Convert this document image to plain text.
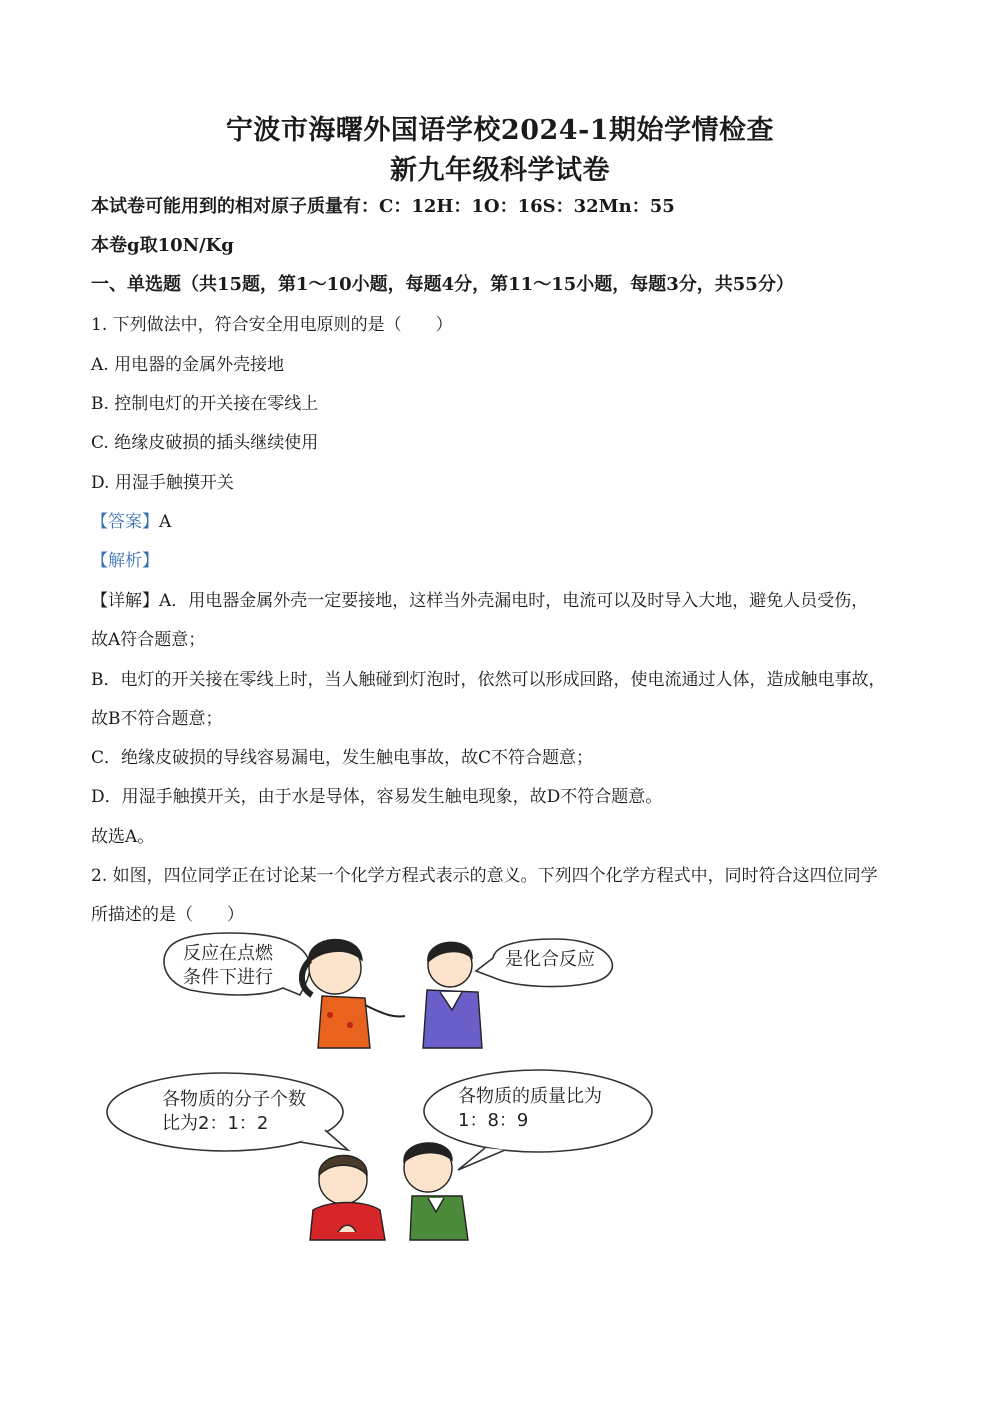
宁波市海曙外国语学校2024-1期始学情检查
新九年级科学试卷
本试卷可能用到的相对原子质量有：C：12H：1O：16S：32Mn：55
本卷g取10N/Kg
一、单选题（共15题，第1～10小题，每题4分，第11～15小题，每题3分，共55分）
1. 下列做法中，符合安全用电原则的是（　　）
A. 用电器的金属外壳接地
B. 控制电灯的开关接在零线上
C. 绝缘皮破损的插头继续使用
D. 用湿手触摸开关
【答案】A
【解析】
【详解】A．用电器金属外壳一定要接地，这样当外壳漏电时，电流可以及时导入大地，避免人员受伤，
故A符合题意；
B．电灯的开关接在零线上时，当人触碰到灯泡时，依然可以形成回路，使电流通过人体，造成触电事故，
故B不符合题意；
C．绝缘皮破损的导线容易漏电，发生触电事故，故C不符合题意；
D．用湿手触摸开关，由于水是导体，容易发生触电现象，故D不符合题意。
故选A。
2. 如图，四位同学正在讨论某一个化学方程式表示的意义。下列四个化学方程式中，同时符合这四位同学
所描述的是（　　）
反应在点燃
条件下进行
是化合反应
各物质的分子个数
比为2：1：2
各物质的质量比为
1：8：9
